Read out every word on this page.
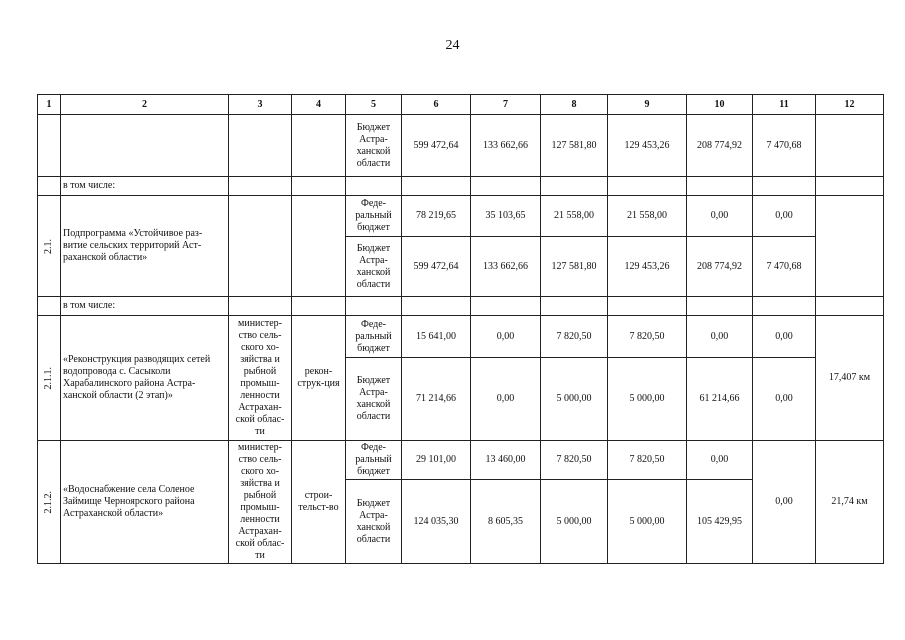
24
1	2	3	4	5	6	7	8	9	10	11	12
				Бюджет Астра-ханской области	599 472,64	133 662,66	127 581,80	129 453,26	208 774,92	7 470,68	
	в том числе:										

2.1.	Подпрограмма «Устойчивое раз-витие сельских территорий Аст-раханской области»			Феде-ральный бюджет	78 219,65	35 103,65	21 558,00	21 558,00	0,00	0,00	
				Бюджет Астра-ханской области	599 472,64	133 662,66	127 581,80	129 453,26	208 774,92	7 470,68	
	в том числе:										

2.1.1.	«Реконструкция разводящих сетей водопровода с. Сасыколи Харабалинского района Астра-ханской области (2 этап)»	министер-ство сель-ского хо-зяйства и рыбной промыш-ленности Астрахан-ской облас-ти	рекон-струк-ция	Феде-ральный бюджет	15 641,00	0,00	7 820,50	7 820,50	0,00	0,00	17,407 км
				Бюджет Астра-ханской области	71 214,66	0,00	5 000,00	5 000,00	61 214,66	0,00	

2.1.2.	«Водоснабжение села Соленое Займище Черноярского района Астраханской области»	министер-ство сель-ского хо-зяйства и рыбной промыш-ленности Астрахан-ской облас-ти	строи-тельст-во	Феде-ральный бюджет	29 101,00	13 460,00	7 820,50	7 820,50	0,00	0,00	21,74 км
				Бюджет Астра-ханской области	124 035,30	8 605,35	5 000,00	5 000,00	105 429,95		
